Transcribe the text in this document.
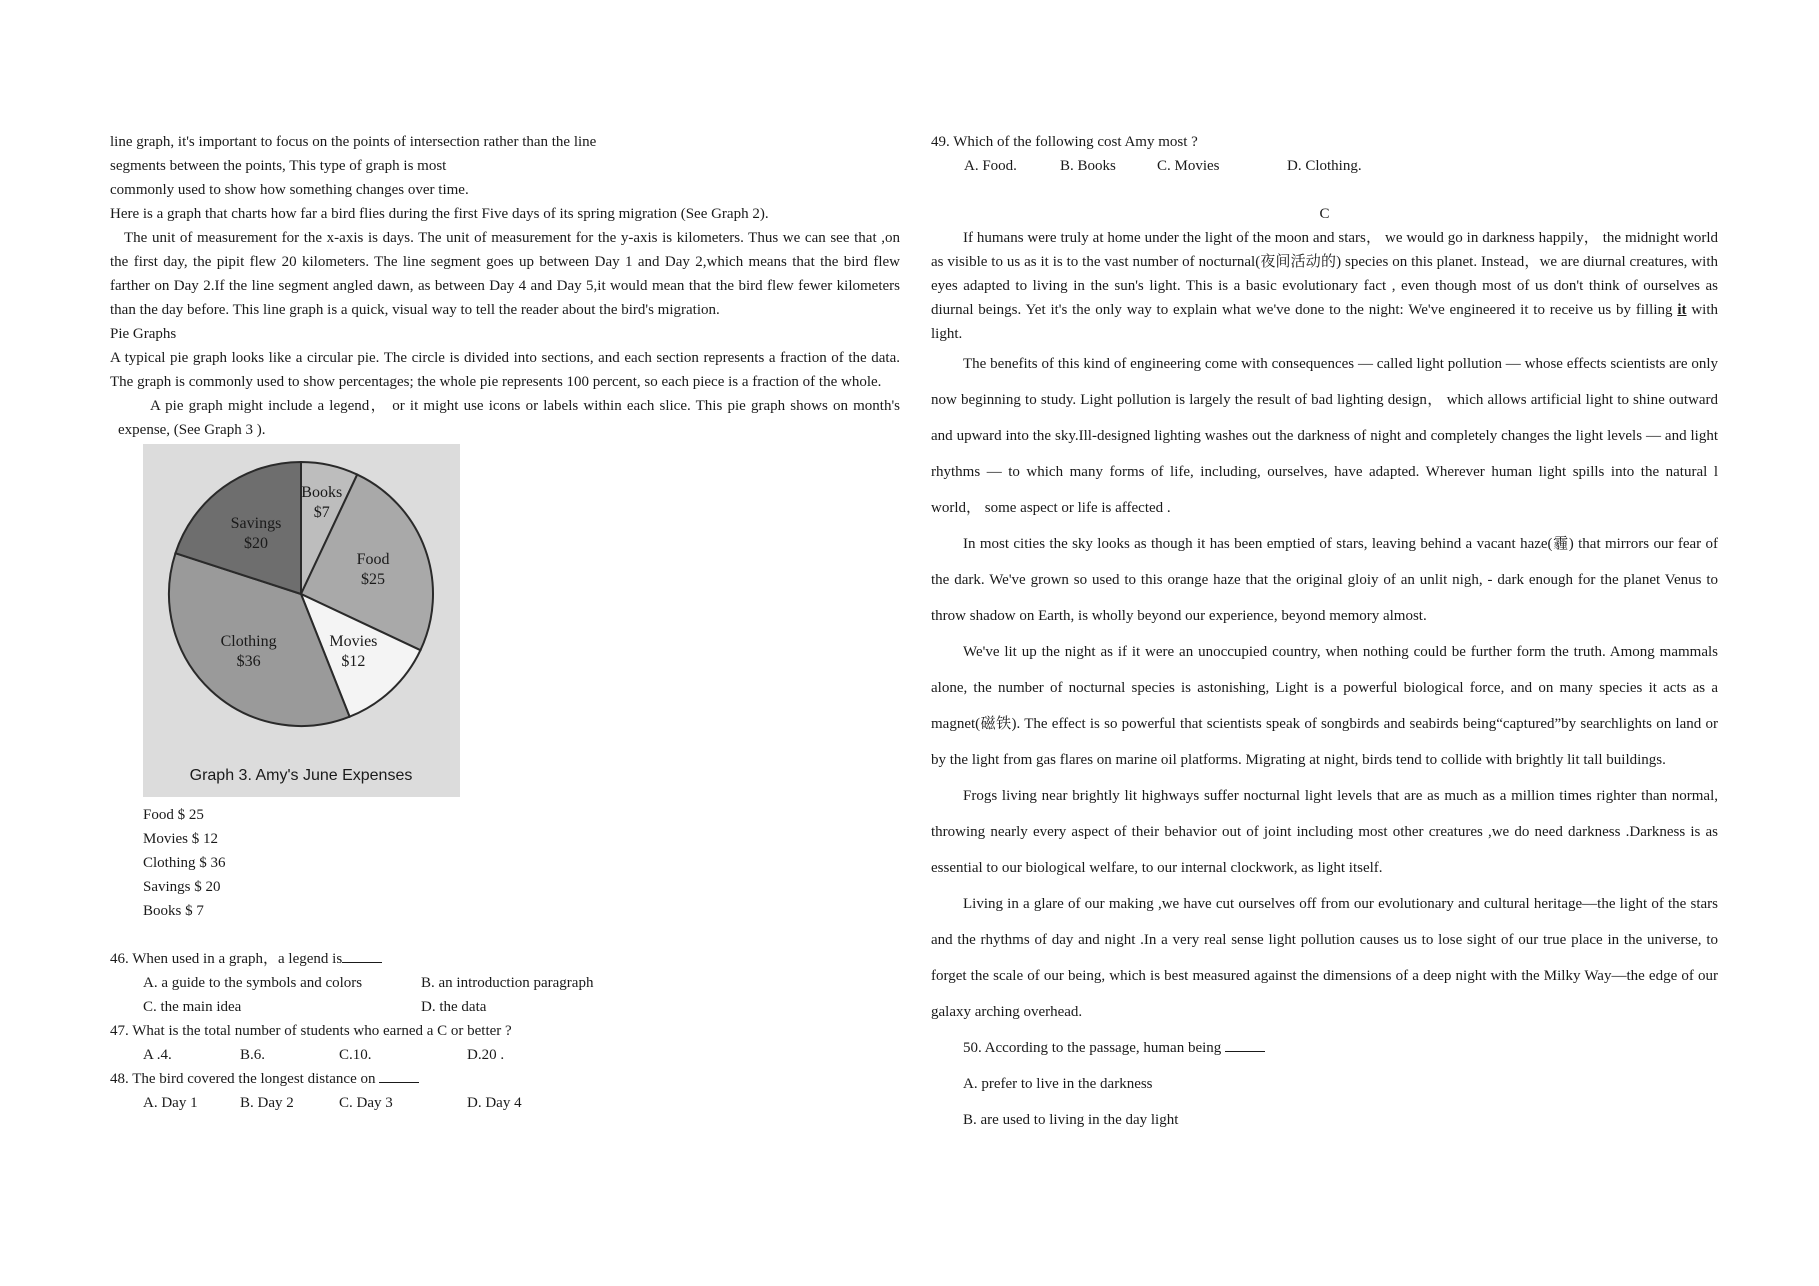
line graph, it's important to focus on the points of intersection rather than the line

segments between the points, This type of graph is most

commonly used to show how something changes over time.

Here is a graph that charts how far a bird flies during the first Five days of its spring migration (See Graph 2).

The unit of measurement for the x-axis is days. The unit of measurement for the y-axis is kilometers. Thus we can see that ,on the first day, the pipit flew 20 kilometers. The line segment goes up between Day 1 and Day 2,which means that the bird flew farther on Day 2.If the line segment angled dawn, as between Day 4 and Day 5,it would mean that the bird flew fewer kilometers than the day before. This line graph is a quick, visual way to tell the reader about the bird's migration.

Pie Graphs

A typical pie graph looks like a circular pie. The circle is divided into sections, and each section represents a fraction of the data. The graph is commonly used to show percentages; the whole pie represents 100 percent, so each piece is a fraction of the whole.

A pie graph might include a legend， or it might use icons or labels within each slice. This pie graph shows on month's expense, (See Graph 3 ).

Books
$7
Food
$25
Movies
$12
Clothing
$36
Savings
$20
Graph 3. Amy's June Expenses

Food $ 25

Movies $ 12

Clothing $ 36

Savings $ 20

Books $ 7

46. When used in a graph，a legend is

A. a guide to the symbols and colors	B. an introduction paragraph
C. the main idea	D. the data

47. What is the total number of students who earned a C or better ?

A .4.	B.6.	C.10.	D.20 .

48. The bird covered the longest distance on

A. Day 1	B. Day 2	C. Day 3	D. Day 4

49. Which of the following cost Amy most ?

A. Food.	B. Books	C. Movies	D. Clothing.

C

If humans were truly at home under the light of the moon and stars， we would go in darkness happily， the midnight world as visible to us as it is to the vast number of nocturnal(夜间活动的) species on this planet. Instead，we are diurnal creatures, with eyes adapted to living in the sun's light. This is a basic evolutionary fact , even though most of us don't think of ourselves as diurnal beings. Yet it's the only way to explain what we've done to the night: We've engineered it to receive us by filling it with light.

The benefits of this kind of engineering come with consequences — called light pollution — whose effects scientists are only now beginning to study. Light pollution is largely the result of bad lighting design， which allows artificial light to shine outward and upward into the sky.Ill-designed lighting washes out the darkness of night and completely changes the light levels — and light rhythms — to which many forms of life, including, ourselves, have adapted. Wherever human light spills into the natural l world， some aspect or life is affected .

In most cities the sky looks as though it has been emptied of stars, leaving behind a vacant haze(霾) that mirrors our fear of the dark. We've grown so used to this orange haze that the original gloiy of an unlit nigh, - dark enough for the planet Venus to throw shadow on Earth, is wholly beyond our experience, beyond memory almost.

We've lit up the night as if it were an unoccupied country, when nothing could be further form the truth. Among mammals alone, the number of nocturnal species is astonishing, Light is a powerful biological force, and on many species it acts as a magnet(磁铁). The effect is so powerful that scientists speak of songbirds and seabirds being“captured”by searchlights on land or by the light from gas flares on marine oil platforms. Migrating at night, birds tend to collide with brightly lit tall buildings.

Frogs living near brightly lit highways suffer nocturnal light levels that are as much as a million times righter than normal, throwing nearly every aspect of their behavior out of joint including most other creatures ,we do need darkness .Darkness is as essential to our biological welfare, to our internal clockwork, as light itself.

Living in a glare of our making ,we have cut ourselves off from our evolutionary and cultural heritage—the light of the stars and the rhythms of day and night .In a very real sense light pollution causes us to lose sight of our true place in the universe, to forget the scale of our being, which is best measured against the dimensions of a deep night with the Milky Way—the edge of our galaxy arching overhead.

50. According to the passage, human being

A. prefer to live in the darkness

B. are used to living in the day light
